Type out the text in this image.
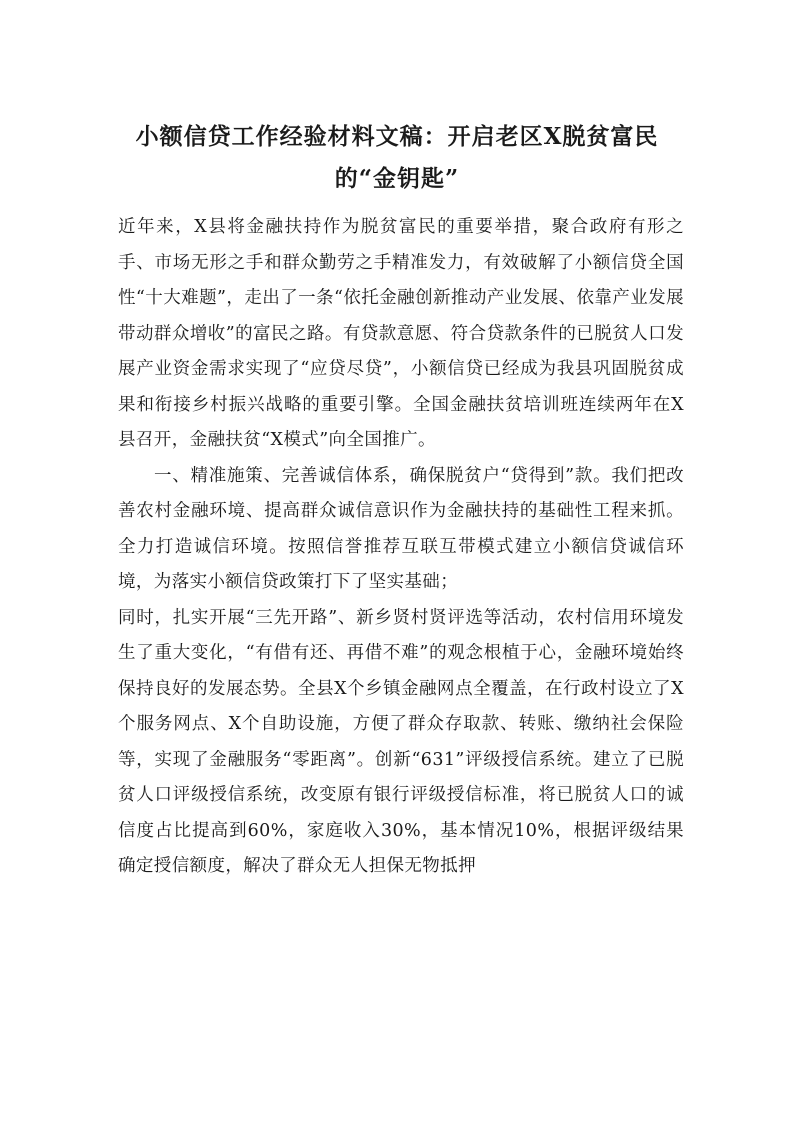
小额信贷工作经验材料文稿：开启老区X脱贫富民的“金钥匙”

近年来，X县将金融扶持作为脱贫富民的重要举措，聚合政府有形之手、市场无形之手和群众勤劳之手精准发力，有效破解了小额信贷全国性“十大难题”，走出了一条“依托金融创新推动产业发展、依靠产业发展带动群众增收”的富民之路。有贷款意愿、符合贷款条件的已脱贫人口发展产业资金需求实现了“应贷尽贷”，小额信贷已经成为我县巩固脱贫成果和衔接乡村振兴战略的重要引擎。全国金融扶贫培训班连续两年在X县召开，金融扶贫“X模式”向全国推广。

一、精准施策、完善诚信体系，确保脱贫户“贷得到”款。我们把改善农村金融环境、提高群众诚信意识作为金融扶持的基础性工程来抓。全力打造诚信环境。按照信誉推荐互联互带模式建立小额信贷诚信环境，为落实小额信贷政策打下了坚实基础；

同时，扎实开展“三先开路”、新乡贤村贤评选等活动，农村信用环境发生了重大变化，“有借有还、再借不难”的观念根植于心，金融环境始终保持良好的发展态势。全县X个乡镇金融网点全覆盖，在行政村设立了X个服务网点、X个自助设施，方便了群众存取款、转账、缴纳社会保险等，实现了金融服务“零距离”。创新“631”评级授信系统。建立了已脱贫人口评级授信系统，改变原有银行评级授信标准，将已脱贫人口的诚信度占比提高到60%，家庭收入30%，基本情况10%，根据评级结果确定授信额度，解决了群众无人担保无物抵押
